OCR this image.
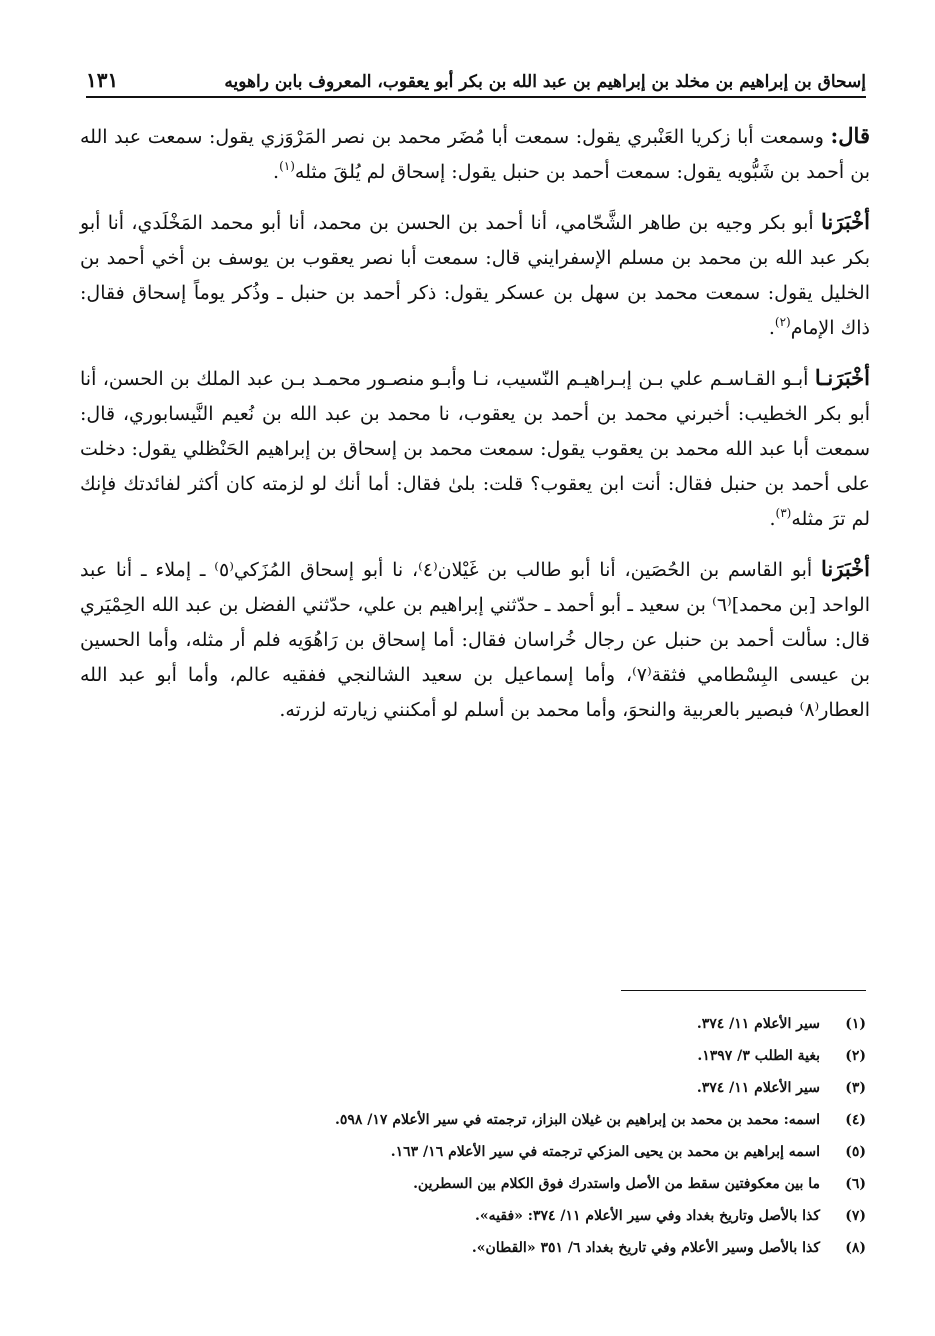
إسحاق بن إبراهيم بن مخلد بن إبراهيم بن عبد الله بن بكر أبو يعقوب، المعروف بابن راهويه
١٣١

قال: وسمعت أبا زكريا العَنْبري يقول: سمعت أبا مُضَر محمد بن نصر المَرْوَزي يقول: سمعت عبد الله بن أحمد بن شَبُّويه يقول: سمعت أحمد بن حنبل يقول: إسحاق لم يُلقَ مثله$^{(١)}$.

أخْبَرَنا أبو بكر وجيه بن طاهر الشَّحّامي، أنا أحمد بن الحسن بن محمد، أنا أبو محمد المَخْلَدي، أنا أبو بكر عبد الله بن محمد بن مسلم الإسفرايني قال: سمعت أبا نصر يعقوب بن يوسف بن أخي أحمد بن الخليل يقول: سمعت محمد بن سهل بن عسكر يقول: ذكر أحمد بن حنبل ـ وذُكر يوماً إسحاق فقال: ذاك الإمام$^{(٢)}$.

أخْبَرَنـا أبـو القـاسـم علي بـن إبـراهيـم النّسيب، نـا وأبـو منصـور محمـد بـن عبد الملك بن الحسن، أنا أبو بكر الخطيب: أخبرني محمد بن أحمد بن يعقوب، نا محمد بن عبد الله بن نُعيم النَّيسابوري، قال: سمعت أبا عبد الله محمد بن يعقوب يقول: سمعت محمد بن إسحاق بن إبراهيم الحَنْظلي يقول: دخلت على أحمد بن حنبل فقال: أنت ابن يعقوب؟ قلت: بلىٰ فقال: أما أنك لو لزمته كان أكثر لفائدتك فإنك لم ترَ مثله$^{(٣)}$.

أخْبَرَنا أبو القاسم بن الحُصَين، أنا أبو طالب بن غَيْلان⁽٤⁾، نا أبو إسحاق المُزَكي⁽٥⁾ ـ إملاء ـ أنا عبد الواحد [بن محمد]⁽٦⁾ بن سعيد ـ أبو أحمد ـ حدّثني إبراهيم بن علي، حدّثني الفضل بن عبد الله الحِمْيَري قال: سألت أحمد بن حنبل عن رجال خُراسان فقال: أما إسحاق بن رَاهُوَيه فلم أر مثله، وأما الحسين بن عيسى البِسْطامي فثقة⁽٧⁾، وأما إسماعيل بن سعيد الشالنجي ففقيه عالم، وأما أبو عبد الله العطار⁽٨⁾ فبصير بالعربية والنحوَ، وأما محمد بن أسلم لو أمكنني زيارته لزرته.

(١)
سير الأعلام ١١/ ٣٧٤.
(٢)
بغية الطلب ٣/ ١٣٩٧.
(٣)
سير الأعلام ١١/ ٣٧٤.
(٤)
اسمه: محمد بن محمد بن إبراهيم بن غيلان البزاز، ترجمته في سير الأعلام ١٧/ ٥٩٨.
(٥)
اسمه إبراهيم بن محمد بن يحيى المزكي ترجمته في سير الأعلام ١٦/ ١٦٣.
(٦)
ما بين معكوفتين سقط من الأصل واستدرك فوق الكلام بين السطرين.
(٧)
كذا بالأصل وتاريخ بغداد وفي سير الأعلام ١١/ ٣٧٤: «فقيه».
(٨)
كذا بالأصل وسير الأعلام وفي تاريخ بغداد ٦/ ٣٥١ «القطان».
